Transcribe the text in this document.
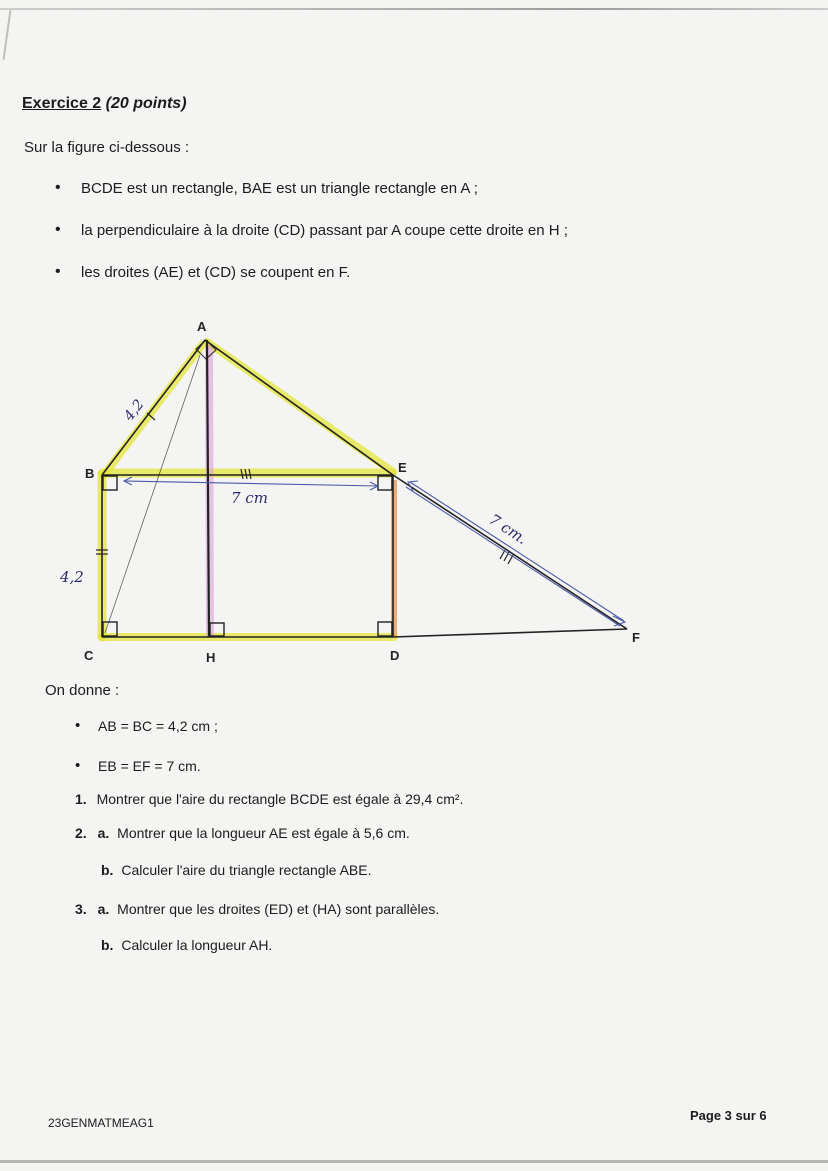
Exercice 2 (20 points)
Sur la figure ci-dessous :
• BCDE est un rectangle, BAE est un triangle rectangle en A ;
• la perpendiculaire à la droite (CD) passant par A coupe cette droite en H ;
• les droites (AE) et (CD) se coupent en F.
A
B
C	H	D
E
F
4,2
4,2
7 cm
7 cm.
On donne :
• AB = BC = 4,2 cm ;
• EB = EF = 7 cm.
1. Montrer que l'aire du rectangle BCDE est égale à 29,4 cm².
2. a. Montrer que la longueur AE est égale à 5,6 cm.
b. Calculer l'aire du triangle rectangle ABE.
3. a. Montrer que les droites (ED) et (HA) sont parallèles.
b. Calculer la longueur AH.
23GENMATMEAG1	Page 3 sur 6
